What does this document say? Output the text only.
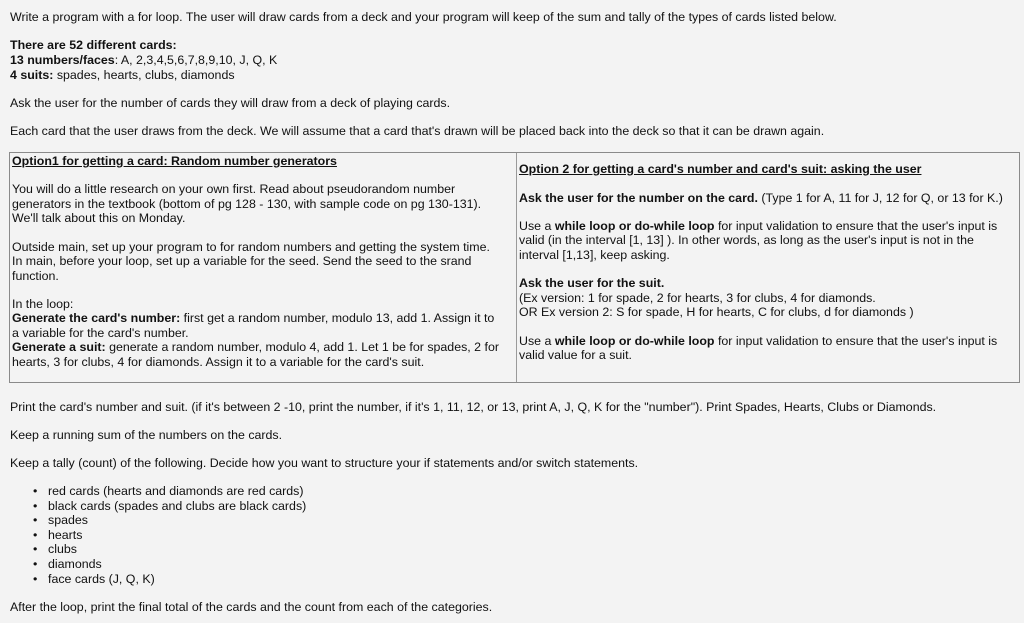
Write a program with a for loop. The user will draw cards from a deck and your program will keep of the sum and tally of the types of cards listed below.

There are 52 different cards:

13 numbers/faces: A, 2,3,4,5,6,7,8,9,10, J, Q, K

4 suits: spades, hearts, clubs, diamonds

Ask the user for the number of cards they will draw from a deck of playing cards.

Each card that the user draws from the deck. We will assume that a card that's drawn will be placed back into the deck so that it can be drawn again.

Option1 for getting a card: Random number generators
You will do a little research on your own first. Read about pseudorandom number
generators in the textbook (bottom of pg 128 - 130, with sample code on pg 130-131).
We'll talk about this on Monday.
Outside main, set up your program to for random numbers and getting the system time.
In main, before your loop, set up a variable for the seed. Send the seed to the srand
function.
In the loop:
Generate the card's number: first get a random number, modulo 13, add 1. Assign it to
a variable for the card's number.
Generate a suit: generate a random number, modulo 4, add 1. Let 1 be for spades, 2 for
hearts, 3 for clubs, 4 for diamonds. Assign it to a variable for the card's suit.
Option 2 for getting a card's number and card's suit: asking the user
Ask the user for the number on the card. (Type 1 for A, 11 for J, 12 for Q, or 13 for K.)
Use a while loop or do-while loop for input validation to ensure that the user's input is
valid (in the interval [1, 13] ). In other words, as long as the user's input is not in the
interval [1,13], keep asking.
Ask the user for the suit.
(Ex version: 1 for spade, 2 for hearts, 3 for clubs, 4 for diamonds.
OR Ex version 2: S for spade, H for hearts, C for clubs, d for diamonds )
Use a while loop or do-while loop for input validation to ensure that the user's input is
valid value for a suit.

Print the card's number and suit. (if it's between 2 -10, print the number, if it's 1, 11, 12, or 13, print A, J, Q, K for the "number"). Print Spades, Hearts, Clubs or Diamonds.

Keep a running sum of the numbers on the cards.

Keep a tally (count) of the following. Decide how you want to structure your if statements and/or switch statements.

• red cards (hearts and diamonds are red cards)
• black cards (spades and clubs are black cards)
• spades
• hearts
• clubs
• diamonds
• face cards (J, Q, K)

After the loop, print the final total of the cards and the count from each of the categories.
